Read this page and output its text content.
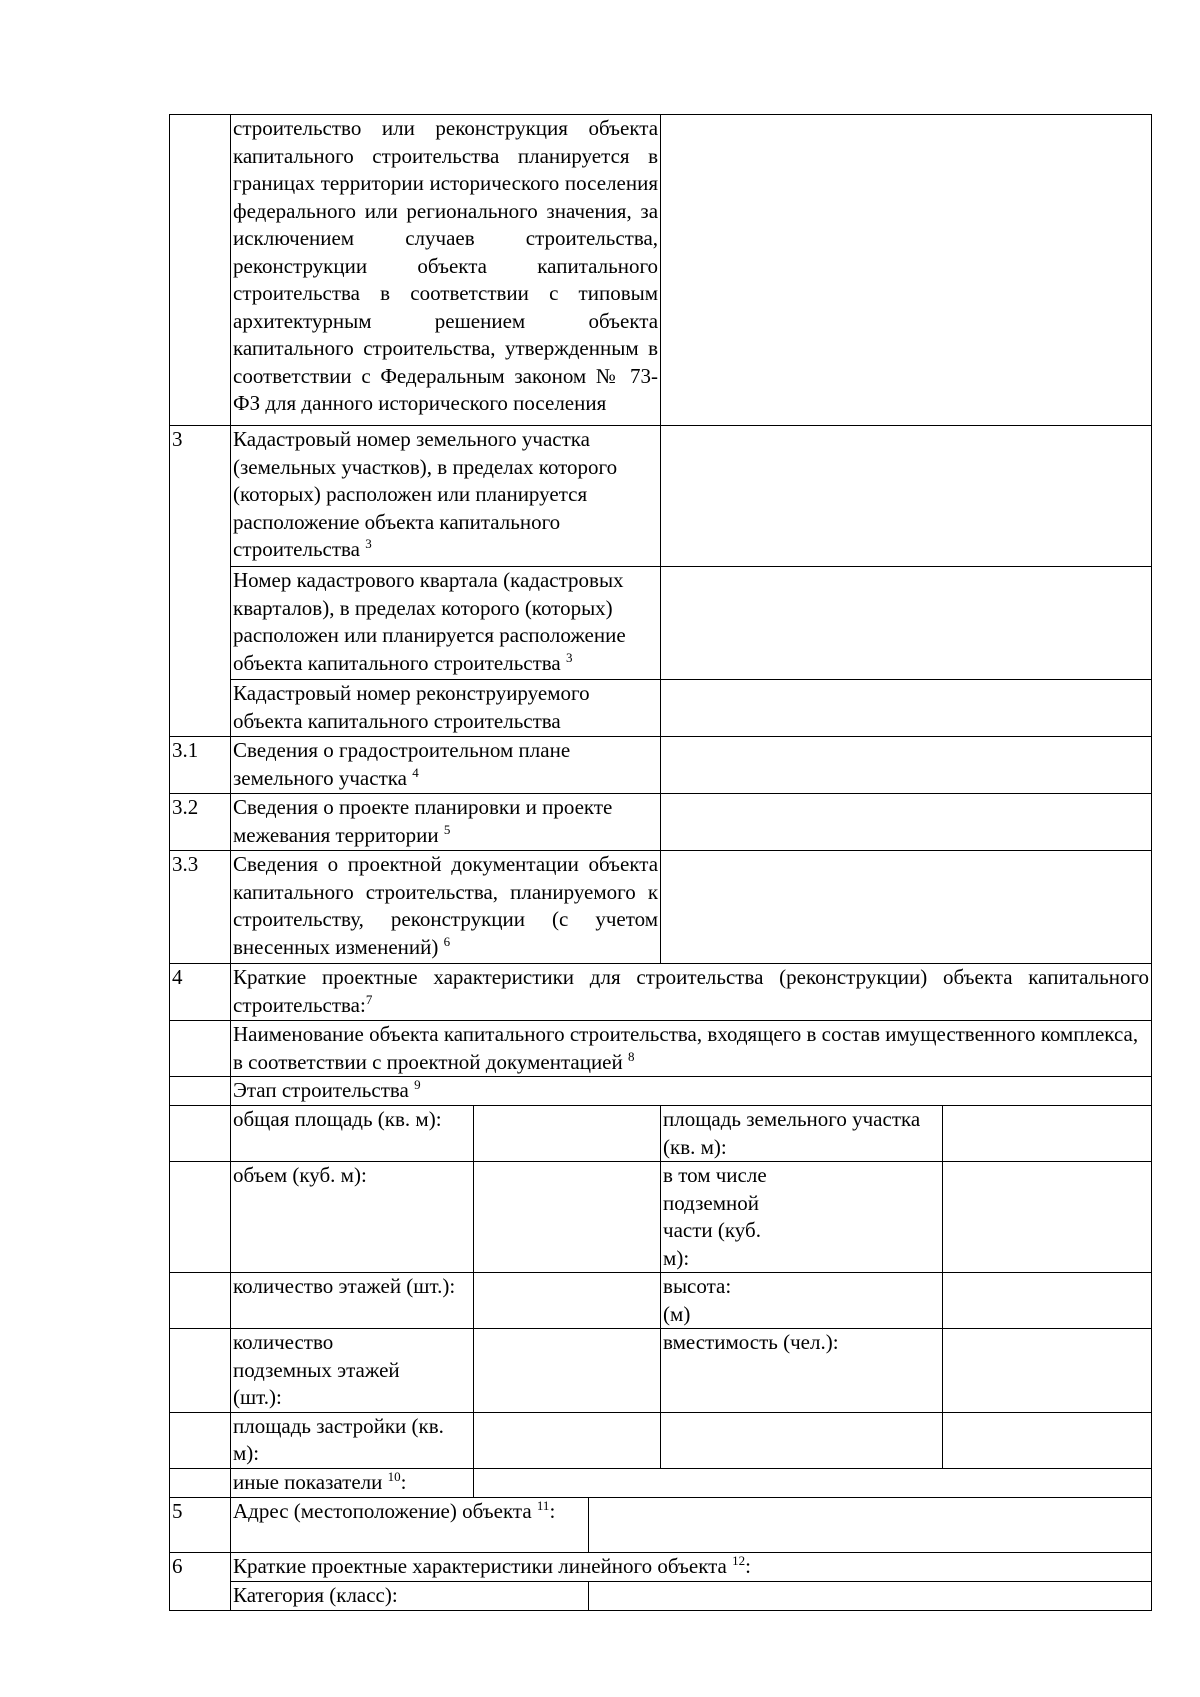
	строительство или реконструкция объекта капитального строительства планируется в границах территории исторического поселения федерального или регионального значения, за исключением случаев строительства, реконструкции объекта капитального строительства в соответствии с типовым архитектурным решением объекта капитального строительства, утвержденным в соответствии с Федеральным законом № 73-ФЗ для данного исторического поселения				
3	Кадастровый номер земельного участка (земельных участков), в пределах которого (которых) расположен или планируется расположение объекта капитального строительства $^3$	
	Номер кадастрового квартала (кадастровых кварталов), в пределах которого (которых) расположен или планируется расположение объекта капитального строительства $^3$	
	Кадастровый номер реконструируемого объекта капитального строительства				
3.1	Сведения о градостроительном плане земельного участка $^4$	
3.2	Сведения о проекте планировки и проекте межевания территории $^5$	
3.3	Сведения о проектной документации объекта капитального строительства, планируемого к строительству, реконструкции (с учетом внесенных изменений) $^6$	
4	Краткие проектные характеристики для строительства (реконструкции) объекта капитального строительства:$^7$
	Наименование объекта капитального строительства, входящего в состав имущественного комплекса, в соответствии с проектной документацией $^8$
	Этап строительства $^9$
	общая площадь (кв. м):			площадь земельного участка (кв. м):	
	объем (куб. м):			в том числе подземной части (куб. м):	
	количество этажей (шт.):			высота: (м)	
	количество подземных этажей (шт.):			вместимость (чел.):	
	площадь застройки (кв. м):				
	иные показатели $^{10}$:				
5	Адрес (местоположение) объекта $^{11}$:				
6	Краткие проектные характеристики линейного объекта $^{12}$:				
	Категория (класс):				
